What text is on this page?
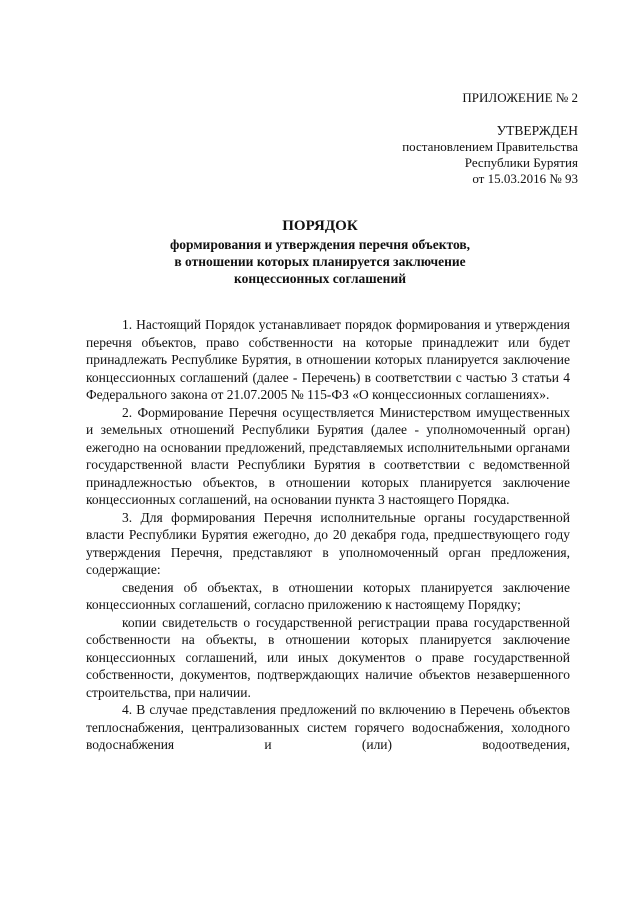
ПРИЛОЖЕНИЕ № 2
УТВЕРЖДЕН
постановлением Правительства
Республики Бурятия
от 15.03.2016 № 93
ПОРЯДОК
формирования и утверждения перечня объектов,
в отношении которых планируется заключение
концессионных соглашений

1. Настоящий Порядок устанавливает порядок формирования и утверждения перечня объектов, право собственности на которые принадлежит или будет принадлежать Республике Бурятия, в отношении которых планируется заключение концессионных соглашений (далее - Перечень) в соответствии с частью 3 статьи 4 Федерального закона от 21.07.2005 № 115-ФЗ «О концессионных соглашениях».

2. Формирование Перечня осуществляется Министерством имущественных и земельных отношений Республики Бурятия (далее - уполномоченный орган) ежегодно на основании предложений, представляемых исполнительными органами государственной власти Республики Бурятия в соответствии с ведомственной принадлежностью объектов, в отношении которых планируется заключение концессионных соглашений, на основании пункта 3 настоящего Порядка.

3. Для формирования Перечня исполнительные органы государственной власти Республики Бурятия ежегодно, до 20 декабря года, предшествующего году утверждения Перечня, представляют в уполномоченный орган предложения, содержащие:

сведения об объектах, в отношении которых планируется заключение концессионных соглашений, согласно приложению к настоящему Порядку;

копии свидетельств о государственной регистрации права государственной собственности на объекты, в отношении которых планируется заключение концессионных соглашений, или иных документов о праве государственной собственности, документов, подтверждающих наличие объектов незавершенного строительства, при наличии.

4. В случае представления предложений по включению в Перечень объектов теплоснабжения, централизованных систем горячего водоснабжения, холодного водоснабжения и (или) водоотведения,
